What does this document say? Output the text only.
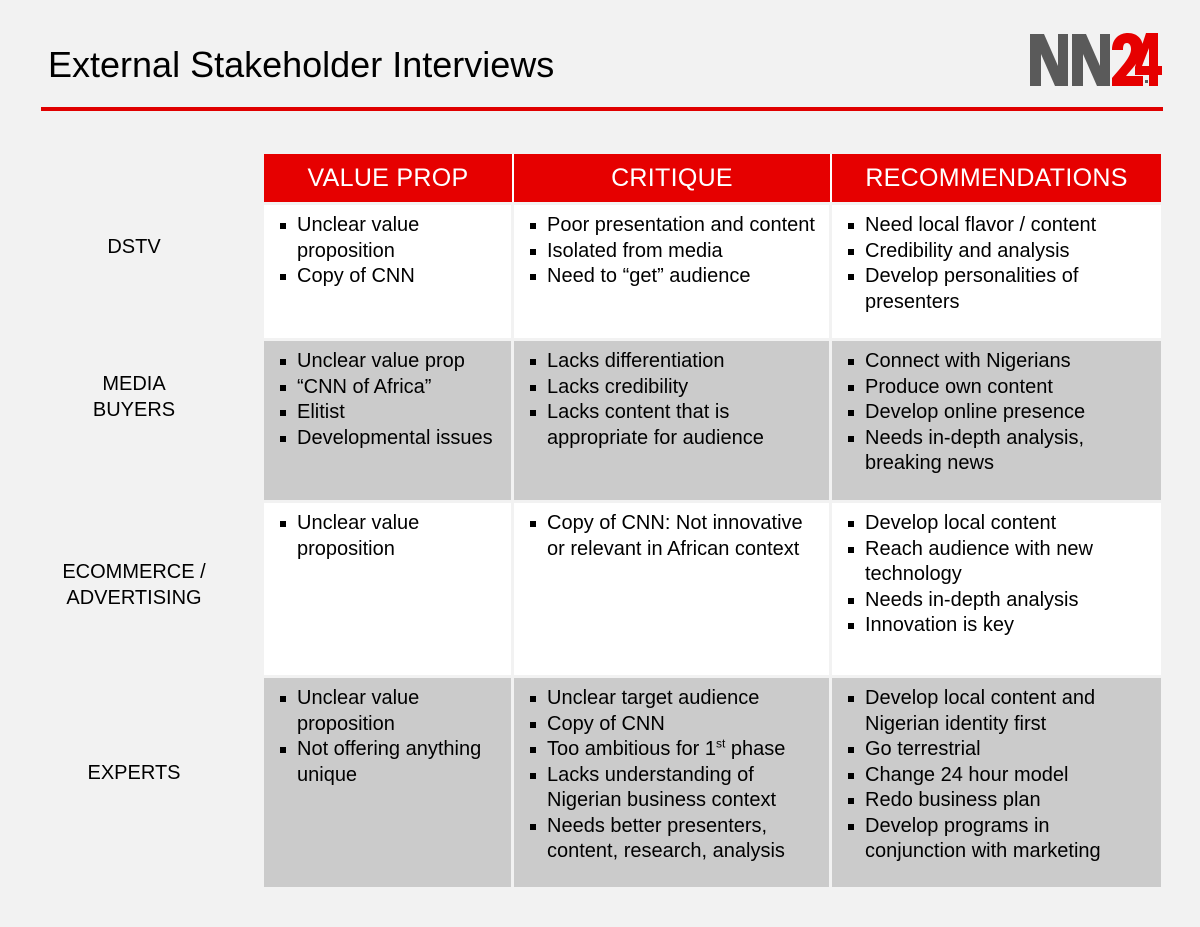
External Stakeholder Interviews
VALUE PROP	CRITIQUE	RECOMMENDATIONS
Unclear value proposition
Copy of CNN
Poor presentation and content
Isolated from media
Need to “get” audience
Need local flavor / content
Credibility and analysis
Develop personalities of presenters
Unclear value prop
“CNN of Africa”
Elitist
Developmental issues
Lacks differentiation
Lacks credibility
Lacks content that is appropriate for audience
Connect with Nigerians
Produce own content
Develop online presence
Needs in-depth analysis, breaking news
Unclear value proposition
Copy of CNN: Not innovative or relevant in African context
Develop local content
Reach audience with new technology
Needs in-depth analysis
Innovation is key
Unclear value proposition
Not offering anything unique
Unclear target audience
Copy of CNN
Too ambitious for 1st phase
Lacks understanding of Nigerian business context
Needs better presenters, content, research, analysis
Develop local content and Nigerian identity first
Go terrestrial
Change 24 hour model
Redo business plan
Develop programs in conjunction with marketing
DSTV
MEDIA
BUYERS
ECOMMERCE /
ADVERTISING
EXPERTS
